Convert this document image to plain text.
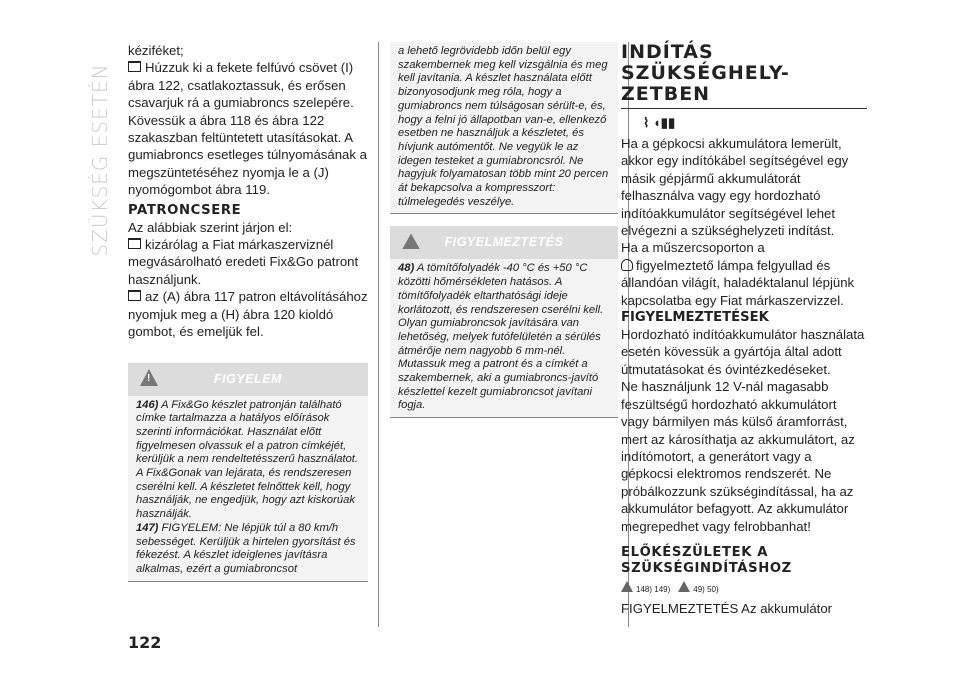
SZÜKSÉG ESETÉN

kéziféket;

Húzzuk ki a fekete felfúvó csövet (I) ábra 122, csatlakoztassuk, és erősen csavarjuk rá a gumiabroncs szelepére. Kövessük a ábra 118 és ábra 122 szakaszban feltüntetett utasításokat. A gumiabroncs esetleges túlnyomásának a megszüntetéséhez nyomja le a (J) nyomógombot ábra 119.

PATRONCSERE

Az alábbiak szerint járjon el:

kizárólag a Fiat márkaszerviznél megvásárolható eredeti Fix&Go patront használjunk.

az (A) ábra 117 patron eltávolításához nyomjuk meg a (H) ábra 120 kioldó gombot, és emeljük fel.

!
FIGYELEM
146) A Fix&Go készlet patronján található címke tartalmazza a hatályos előírások szerinti információkat. Használat előtt figyelmesen olvassuk el a patron címkéjét, kerüljük a nem rendeltetésszerű használatot. A Fix&Gonak van lejárata, és rendszeresen cserélni kell. A készletet felnőttek kell, hogy használják, ne engedjük, hogy azt kiskorúak használják.
147) FIGYELEM: Ne lépjük túl a 80 km/h sebességet. Kerüljük a hirtelen gyorsítást és fékezést. A készlet ideiglenes javításra alkalmas, ezért a gumiabroncsot
a lehető legrövidebb időn belül egy szakembernek meg kell vizsgálnia és meg kell javítania. A készlet használata előtt bizonyosodjunk meg róla, hogy a gumiabroncs nem túlságosan sérült-e, és, hogy a felni jó állapotban van-e, ellenkező esetben ne használjuk a készletet, és hívjunk autómentőt. Ne vegyük le az idegen testeket a gumiabroncsról. Ne hagyjuk folyamatosan több mint 20 percen át bekapcsolva a kompresszort: túlmelegedés veszélye.
FIGYELMEZTETÉS
48) A tömítőfolyadék -40 °C és +50 °C közötti hőmérsékleten hatásos. A tömítőfolyadék eltarthatósági ideje korlátozott, és rendszeresen cserélni kell. Olyan gumiabroncsok javítására van lehetőség, melyek futófelületén a sérülés átmérője nem nagyobb 6 mm-nél. Mutassuk meg a patront és a címkét a szakembernek, aki a gumiabroncs-javító készlettel kezelt gumiabroncsot javítani fogja.
INDÍTÁS
SZÜKSÉGHELY-
ZETBEN
⌇ ◖▮▮

Ha a gépkocsi akkumulátora lemerült, akkor egy indítókábel segítségével egy másik gépjármű akkumulátorát felhasználva vagy egy hordozható indítóakkumulátor segítségével lehet elvégezni a szükséghelyzeti indítást.

Ha a műszercsoporton a

figyelmeztető lámpa felgyullad és állandóan világít, haladéktalanul lépjünk kapcsolatba egy Fiat márkaszervizzel.

FIGYELMEZTETÉSEK

Hordozható indítóakkumulátor használata esetén kövessük a gyártója által adott útmutatásokat és óvintézkedéseket.

Ne használjunk 12 V-nál magasabb feszültségű hordozható akkumulátort vagy bármilyen más külső áramforrást, mert az károsíthatja az akkumulátort, az indítómotort, a generátort vagy a gépkocsi elektromos rendszerét. Ne próbálkozzunk szükségindítással, ha az akkumulátor befagyott. Az akkumulátor megrepedhet vagy felrobbanhat!

ELŐKÉSZÜLETEK A
SZÜKSÉGINDÍTÁSHOZ
148) 149)	49) 50)

FIGYELMEZTETÉS Az akkumulátor

122
